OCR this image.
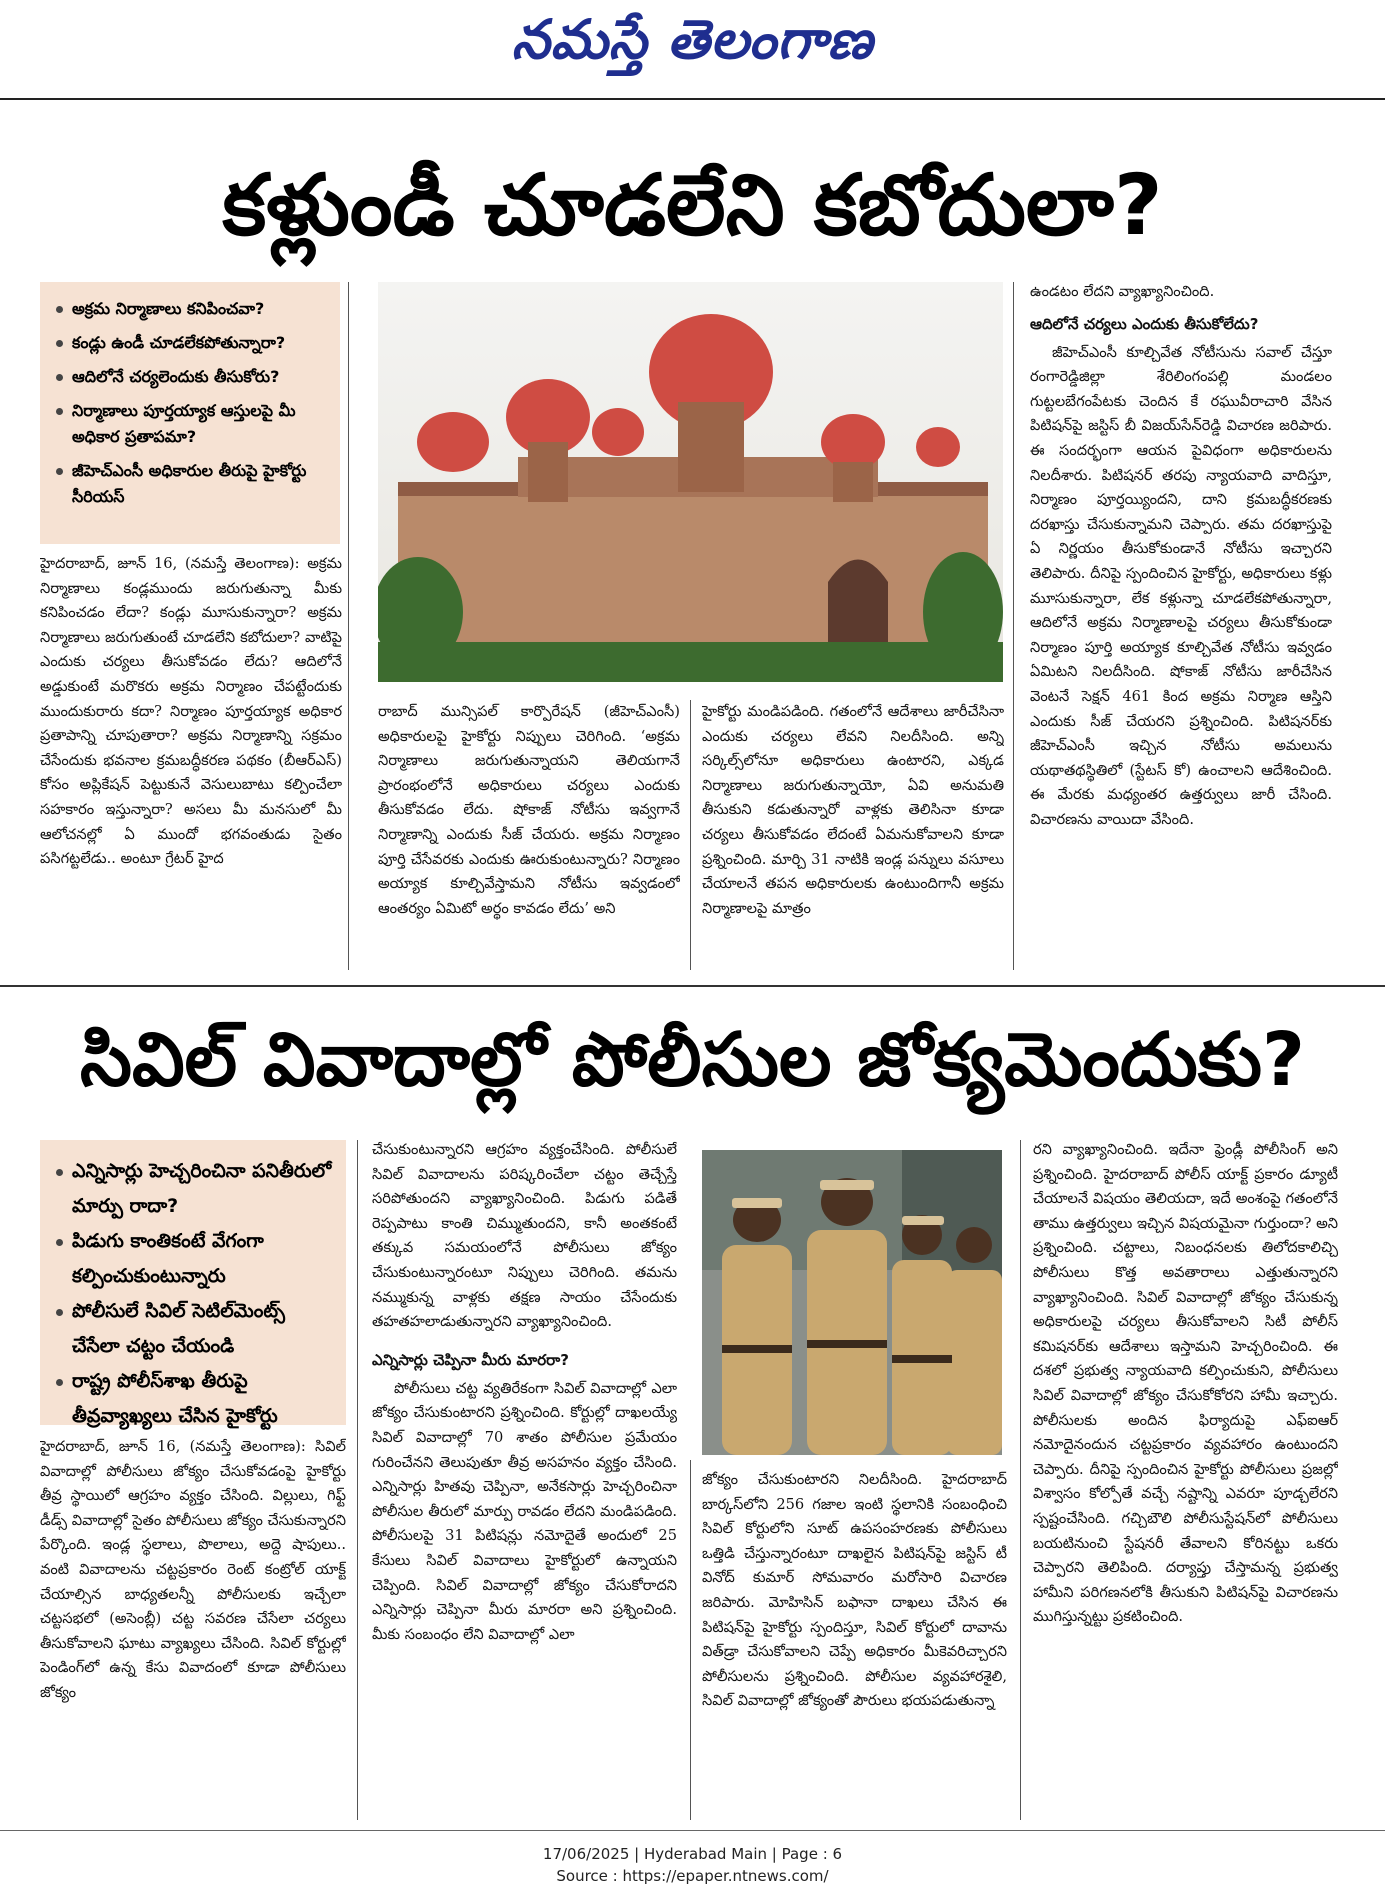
నమస్తే తెలంగాణ
కళ్లుండీ చూడలేని కబోదులా?
అక్రమ నిర్మాణాలు కనిపించవా?
కండ్లు ఉండీ చూడలేకపోతున్నారా?
ఆదిలోనే చర్యలెందుకు తీసుకోరు?
నిర్మాణాలు పూర్తయ్యాక ఆస్తులపై మీ అధికార ప్రతాపమా?
జీహెచ్ఎంసీ అధికారుల తీరుపై హైకోర్టు సీరియస్

హైదరాబాద్, జూన్ 16, (నమస్తే తెలంగాణ): అక్రమ నిర్మాణాలు కండ్లముందు జరుగుతున్నా మీకు కనిపించడం లేదా? కండ్లు మూసుకున్నారా? అక్రమ నిర్మాణాలు జరుగుతుంటే చూడలేని కబోదులా? వాటిపై ఎందుకు చర్యలు తీసుకోవడం లేదు? ఆదిలోనే అడ్డుకుంటే మరొకరు అక్రమ నిర్మాణం చేపట్టేందుకు ముందుకురారు కదా? నిర్మాణం పూర్తయ్యాక అధికార ప్రతాపాన్ని చూపుతారా? అక్రమ నిర్మాణాన్ని సక్రమం చేసేందుకు భవనాల క్రమబద్ధీకరణ పథకం (బీఆర్ఎస్) కోసం అప్లికేషన్ పెట్టుకునే వెసులుబాటు కల్పించేలా సహకారం ఇస్తున్నారా? అసలు మీ మనసులో మీ ఆలోచనల్లో ఏ ముందో భగవంతుడు సైతం పసిగట్టలేడు.. అంటూ గ్రేటర్ హైద

రాబాద్ మున్సిపల్ కార్పొరేషన్ (జీహెచ్ఎంసీ) అధికారులపై హైకోర్టు నిప్పులు చెరిగింది. ‘అక్రమ నిర్మాణాలు జరుగుతున్నాయని తెలియగానే ప్రారంభంలోనే అధికారులు చర్యలు ఎందుకు తీసుకోవడం లేదు. షోకాజ్ నోటీసు ఇవ్వగానే నిర్మాణాన్ని ఎందుకు సీజ్ చేయరు. అక్రమ నిర్మాణం పూర్తి చేసేవరకు ఎందుకు ఊరుకుంటున్నారు? నిర్మాణం అయ్యాక కూల్చివేస్తామని నోటీసు ఇవ్వడంలో ఆంతర్యం ఏమిటో అర్థం కావడం లేదు’ అని

హైకోర్టు మండిపడింది. గతంలోనే ఆదేశాలు జారీచేసినా ఎందుకు చర్యలు లేవని నిలదీసింది. అన్ని సర్కిల్స్‌లోనూ అధికారులు ఉంటారని, ఎక్కడ నిర్మాణాలు జరుగుతున్నాయో, ఏవి అనుమతి తీసుకుని కడుతున్నారో వాళ్లకు తెలిసినా కూడా చర్యలు తీసుకోవడం లేదంటే ఏమనుకోవాలని కూడా ప్రశ్నించింది. మార్చి 31 నాటికి ఇండ్ల పన్నులు వసూలు చేయాలనే తపన అధికారులకు ఉంటుందిగానీ అక్రమ నిర్మాణాలపై మాత్రం

ఉండటం లేదని వ్యాఖ్యానించింది.

ఆదిలోనే చర్యలు ఎందుకు తీసుకోలేదు?

జీహెచ్ఎంసీ కూల్చివేత నోటీసును సవాల్ చేస్తూ రంగారెడ్డిజిల్లా శేరిలింగంపల్లి మండలం గుట్టలబేగంపేటకు చెందిన కే రఘువీరాచారి వేసిన పిటిషన్‌పై జస్టిస్ బీ విజయ్‌సేన్‌రెడ్డి విచారణ జరిపారు. ఈ సందర్భంగా ఆయన పైవిధంగా అధికారులను నిలదీశారు. పిటిషనర్ తరపు న్యాయవాది వాదిస్తూ, నిర్మాణం పూర్తయ్యిందని, దాని క్రమబద్ధీకరణకు దరఖాస్తు చేసుకున్నామని చెప్పారు. తమ దరఖాస్తుపై ఏ నిర్ణయం తీసుకోకుండానే నోటీసు ఇచ్చారని తెలిపారు. దీనిపై స్పందించిన హైకోర్టు, అధికారులు కళ్లు మూసుకున్నారా, లేక కళ్లున్నా చూడలేకపోతున్నారా, ఆదిలోనే అక్రమ నిర్మాణాలపై చర్యలు తీసుకోకుండా నిర్మాణం పూర్తి అయ్యాక కూల్చివేత నోటీసు ఇవ్వడం ఏమిటని నిలదీసింది. షోకాజ్ నోటీసు జారీచేసిన వెంటనే సెక్షన్ 461 కింద అక్రమ నిర్మాణ ఆస్తిని ఎందుకు సీజ్ చేయరని ప్రశ్నించింది. పిటిషనర్‌కు జీహెచ్ఎంసీ ఇచ్చిన నోటీసు అమలును యథాతథస్థితిలో (స్టేటస్ కో) ఉంచాలని ఆదేశించింది. ఈ మేరకు మధ్యంతర ఉత్తర్వులు జారీ చేసింది. విచారణను వాయిదా వేసింది.

సివిల్ వివాదాల్లో పోలీసుల జోక్యమెందుకు?
ఎన్నిసార్లు హెచ్చరించినా పనితీరులో మార్పు రాదా?
పిడుగు కాంతికంటే వేగంగా కల్పించుకుంటున్నారు
పోలీసులే సివిల్ సెటిల్‌మెంట్స్ చేసేలా చట్టం చేయండి
రాష్ట్ర పోలీస్‌శాఖ తీరుపై తీవ్రవ్యాఖ్యలు చేసిన హైకోర్టు

హైదరాబాద్, జూన్ 16, (నమస్తే తెలంగాణ): సివిల్ వివాదాల్లో పోలీసులు జోక్యం చేసుకోవడంపై హైకోర్టు తీవ్ర స్థాయిలో ఆగ్రహం వ్యక్తం చేసింది. విల్లులు, గిఫ్ట్ డీడ్స్ వివాదాల్లో సైతం పోలీసులు జోక్యం చేసుకున్నారని పేర్కొంది. ఇండ్ల స్థలాలు, పొలాలు, అద్దె షాపులు.. వంటి వివాదాలను చట్టప్రకారం రెంట్ కంట్రోల్ యాక్ట్ చేయాల్సిన బాధ్యతలన్నీ పోలీసులకు ఇచ్చేలా చట్టసభలో (అసెంబ్లీ) చట్ట సవరణ చేసేలా చర్యలు తీసుకోవాలని ఘాటు వ్యాఖ్యలు చేసింది. సివిల్ కోర్టుల్లో పెండింగ్‌లో ఉన్న కేసు వివాదంలో కూడా పోలీసులు జోక్యం

చేసుకుంటున్నారని ఆగ్రహం వ్యక్తంచేసింది. పోలీసులే సివిల్ వివాదాలను పరిష్కరించేలా చట్టం తెచ్చేస్తే సరిపోతుందని వ్యాఖ్యానించింది. పిడుగు పడితే రెప్పపాటు కాంతి చిమ్ముతుందని, కానీ అంతకంటే తక్కువ సమయంలోనే పోలీసులు జోక్యం చేసుకుంటున్నారంటూ నిప్పులు చెరిగింది. తమను నమ్ముకున్న వాళ్లకు తక్షణ సాయం చేసేందుకు తహతహలాడుతున్నారని వ్యాఖ్యానించింది.

ఎన్నిసార్లు చెప్పినా మీరు మారరా?

పోలీసులు చట్ట వ్యతిరేకంగా సివిల్ వివాదాల్లో ఎలా జోక్యం చేసుకుంటారని ప్రశ్నించింది. కోర్టుల్లో దాఖలయ్యే సివిల్ వివాదాల్లో 70 శాతం పోలీసుల ప్రమేయం గురించేనని తెలుపుతూ తీవ్ర అసహనం వ్యక్తం చేసింది. ఎన్నిసార్లు హితవు చెప్పినా, అనేకసార్లు హెచ్చరించినా పోలీసుల తీరులో మార్పు రావడం లేదని మండిపడింది. పోలీసులపై 31 పిటిషన్లు నమోదైతే అందులో 25 కేసులు సివిల్ వివాదాలు హైకోర్టులో ఉన్నాయని చెప్పింది. సివిల్ వివాదాల్లో జోక్యం చేసుకోరాదని ఎన్నిసార్లు చెప్పినా మీరు మారరా అని ప్రశ్నించింది. మీకు సంబంధం లేని వివాదాల్లో ఎలా

జోక్యం చేసుకుంటారని నిలదీసింది. హైదరాబాద్ బార్కస్‌లోని 256 గజాల ఇంటి స్థలానికి సంబంధించి సివిల్ కోర్టులోని సూట్ ఉపసంహరణకు పోలీసులు ఒత్తిడి చేస్తున్నారంటూ దాఖలైన పిటిషన్‌పై జస్టిస్ టీ వినోద్ కుమార్ సోమవారం మరోసారి విచారణ జరిపారు. మోహిసిన్ బఫానా దాఖలు చేసిన ఈ పిటిషన్‌పై హైకోర్టు స్పందిస్తూ, సివిల్ కోర్టులో దావాను విత్‌డ్రా చేసుకోవాలని చెప్పే అధికారం మీకెవరిచ్చారని పోలీసులను ప్రశ్నించింది. పోలీసుల వ్యవహారశైలి, సివిల్ వివాదాల్లో జోక్యంతో పౌరులు భయపడుతున్నా

రని వ్యాఖ్యానించింది. ఇదేనా ఫ్రెండ్లీ పోలీసింగ్ అని ప్రశ్నించింది. హైదరాబాద్ పోలీస్ యాక్ట్ ప్రకారం డ్యూటీ చేయాలనే విషయం తెలియదా, ఇదే అంశంపై గతంలోనే తాము ఉత్తర్వులు ఇచ్చిన విషయమైనా గుర్తుందా? అని ప్రశ్నించింది. చట్టాలు, నిబంధనలకు తిలోదకాలిచ్చి పోలీసులు కొత్త అవతారాలు ఎత్తుతున్నారని వ్యాఖ్యానించింది. సివిల్ వివాదాల్లో జోక్యం చేసుకున్న అధికారులపై చర్యలు తీసుకోవాలని సిటీ పోలీస్ కమిషనర్‌కు ఆదేశాలు ఇస్తామని హెచ్చరించింది. ఈ దశలో ప్రభుత్వ న్యాయవాది కల్పించుకుని, పోలీసులు సివిల్ వివాదాల్లో జోక్యం చేసుకోకోరని హామీ ఇచ్చారు. పోలీసులకు అందిన ఫిర్యాదుపై ఎఫ్ఐఆర్ నమోదైనందున చట్టప్రకారం వ్యవహారం ఉంటుందని చెప్పారు. దీనిపై స్పందించిన హైకోర్టు పోలీసులు ప్రజల్లో విశ్వాసం కోల్పోతే వచ్చే నష్టాన్ని ఎవరూ పూడ్చలేరని స్పష్టంచేసింది. గచ్చిబౌలి పోలీసుస్టేషన్‌లో పోలీసులు బయటినుంచి స్టేషనరీ తేవాలని కోరినట్టు ఒకరు చెప్పారని తెలిపింది. దర్యాప్తు చేస్తామన్న ప్రభుత్వ హామీని పరిగణనలోకి తీసుకుని పిటిషన్‌పై విచారణను ముగిస్తున్నట్టు ప్రకటించింది.

17/06/2025 | Hyderabad Main | Page : 6
Source : https://epaper.ntnews.com/
